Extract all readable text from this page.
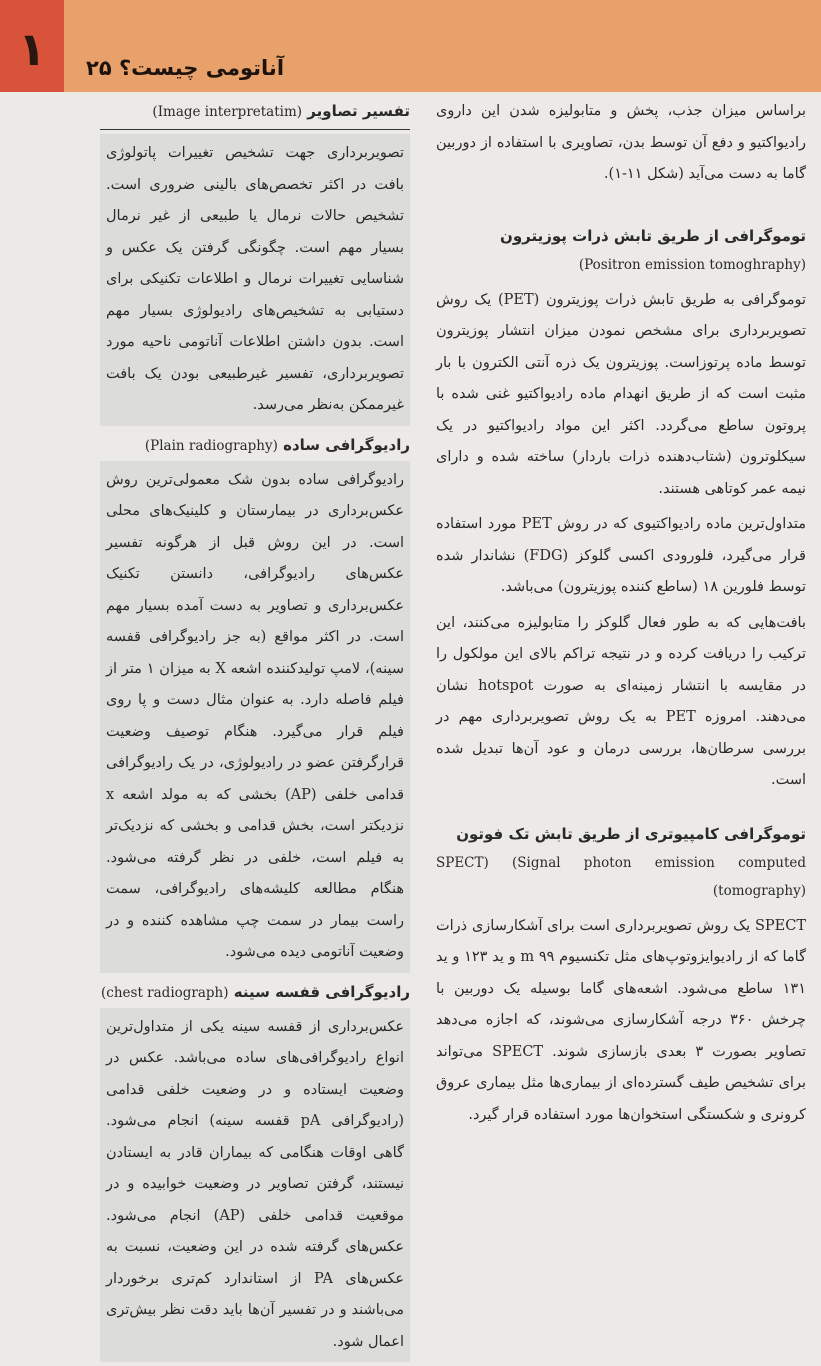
۱	آناتومی چیست؟ ۲۵

براساس میزان جذب، پخش و متابولیزه شدن این داروی رادیواکتیو و دفع آن توسط بدن، تصاویری با استفاده از دوربین گاما به دست می‌آید (شکل ۱۱-۱).

توموگرافی از طریق تابش ذرات پوزیترون

(Positron emission tomoghraphy)

توموگرافی به طریق تابش ذرات پوزیترون (PET) یک روش تصویربرداری برای مشخص نمودن میزان انتشار پوزیترون توسط ماده پرتوزاست. پوزیترون یک ذره آنتی الکترون با بار مثبت است که از طریق انهدام ماده رادیواکتیو غنی شده با پروتون ساطع می‌گردد. اکثر این مواد رادیواکتیو در یک سیکلوترون (شتاب‌دهنده ذرات باردار) ساخته شده و دارای نیمه عمر کوتاهی هستند.

متداول‌ترین ماده رادیواکتیوی که در روش PET مورد استفاده قرار می‌گیرد، فلورودی اکسی گلوکز (FDG) نشاندار شده توسط فلورین ۱۸ (ساطع کننده پوزیترون) می‌باشد.

بافت‌هایی که به طور فعال گلوکز را متابولیزه می‌کنند، این ترکیب را دریافت کرده و در نتیجه تراکم بالای این مولکول را در مقایسه با انتشار زمینه‌ای به صورت hotspot نشان می‌دهند. امروزه PET به یک روش تصویربرداری مهم در بررسی سرطان‌ها، بررسی درمان و عود آن‌ها تبدیل شده است.

توموگرافی کامپیوتری از طریق تابش تک فوتون

SPECT) (Signal photon emission computed (tomography)

SPECT یک روش تصویربرداری است برای آشکارسازی ذرات گاما که از رادیوایزوتوپ‌های مثل تکنسیوم ۹۹ m و ید ۱۲۳ و ید ۱۳۱ ساطع می‌شود. اشعه‌های گاما بوسیله یک دوربین با چرخش ۳۶۰ درجه آشکارسازی می‌شوند، که اجازه می‌دهد تصاویر بصورت ۳ بعدی بازسازی شوند. SPECT می‌تواند برای تشخیص طیف گسترده‌ای از بیماری‌ها مثل بیماری عروق کرونری و شکستگی استخوان‌ها مورد استفاده قرار گیرد.

تفسیر تصاویر (Image interpretatim)

تصویربرداری جهت تشخیص تغییرات پاتولوژی بافت در اکثر تخصص‌های بالینی ضروری است. تشخیص حالات نرمال یا طبیعی از غیر نرمال بسیار مهم است. چگونگی گرفتن یک عکس و شناسایی تغییرات نرمال و اطلاعات تکنیکی برای دستیابی به تشخیص‌های رادیولوژی بسیار مهم است. بدون داشتن اطلاعات آناتومی ناحیه مورد تصویربرداری، تفسیر غیرطبیعی بودن یک بافت غیرممکن به‌نظر می‌رسد.

رادیوگرافی ساده (Plain radiography)

رادیوگرافی ساده بدون شک معمولی‌ترین روش عکس‌برداری در بیمارستان و کلینیک‌های محلی است. در این روش قبل از هرگونه تفسیر عکس‌های رادیوگرافی، دانستن تکنیک عکس‌برداری و تصاویر به دست آمده بسیار مهم است. در اکثر مواقع (به جز رادیوگرافی قفسه سینه)، لامپ تولیدکننده اشعه X به میزان ۱ متر از فیلم فاصله دارد. به عنوان مثال دست و پا روی فیلم قرار می‌گیرد. هنگام توصیف وضعیت قرارگرفتن عضو در رادیولوژی، در یک رادیوگرافی قدامی خلفی (AP) بخشی که به مولد اشعه x نزدیکتر است، بخش قدامی و بخشی که نزدیک‌تر به فیلم است، خلفی در نظر گرفته می‌شود. هنگام مطالعه کلیشه‌های رادیوگرافی، سمت راست بیمار در سمت چپ مشاهده کننده و در وضعیت آناتومی دیده می‌شود.

رادیوگرافی قفسه سینه (chest radiograph)

عکس‌برداری از قفسه سینه یکی از متداول‌ترین انواع رادیوگرافی‌های ساده می‌باشد. عکس در وضعیت ایستاده و در وضعیت خلفی قدامی (رادیوگرافی pA قفسه سینه) انجام می‌شود. گاهی اوقات هنگامی که بیماران قادر به ایستادن نیستند، گرفتن تصاویر در وضعیت خوابیده و در موقعیت قدامی خلفی (AP) انجام می‌شود. عکس‌های گرفته شده در این وضعیت، نسبت به عکس‌های PA از استاندارد کم‌تری برخوردار می‌باشند و در تفسیر آن‌ها باید دقت نظر بیش‌تری اعمال شود.
